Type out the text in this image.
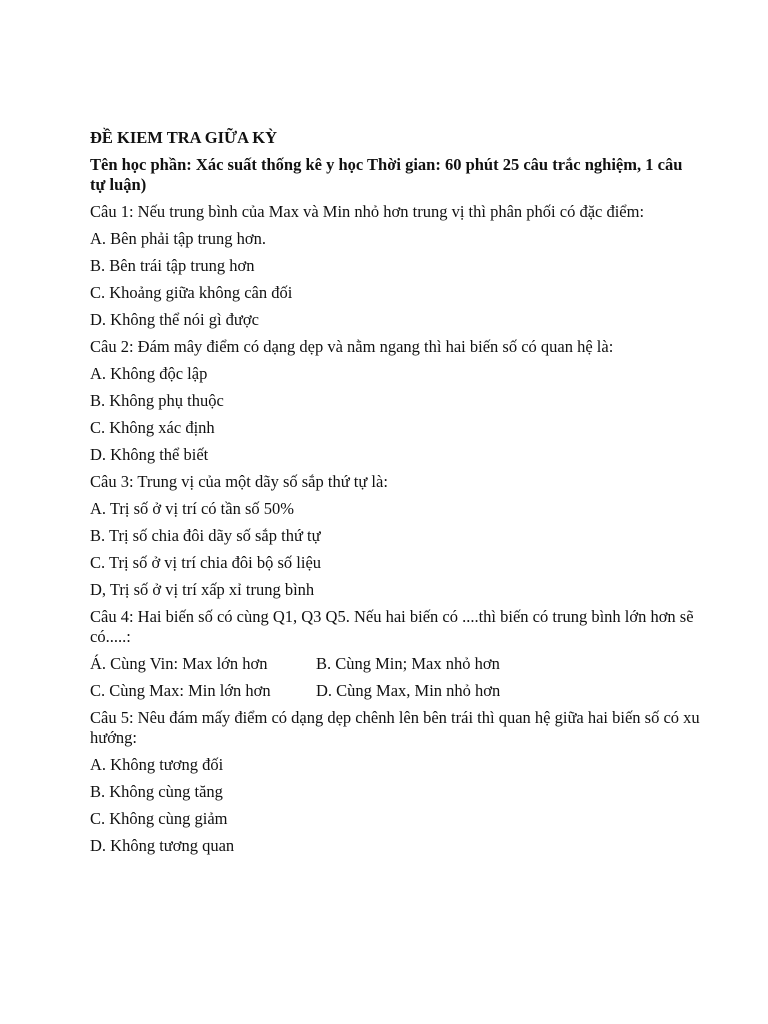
ĐỀ KIEM TRA GIỮA KỲ
Tên học phần: Xác suất thống kê y học Thời gian: 60 phút 25 câu trắc nghiệm, 1 câu tự luận)
Câu 1: Nếu trung bình của Max và Min nhỏ hơn trung vị thì phân phối có đặc điểm:
A. Bên phải tập trung hơn.
B. Bên trái tập trung hơn
C. Khoảng giữa không cân đối
D. Không thể nói gì được
Câu 2: Đám mây điểm có dạng dẹp và nằm ngang thì hai biến số có quan hệ là:
A. Không độc lập
B. Không phụ thuộc
C. Không xác định
D. Không thể biết
Câu 3: Trung vị của một dãy số sắp thứ tự là:
A. Trị số ở vị trí có tần số 50%
B. Trị số chia đôi dãy số sắp thứ tự
C. Trị số ở vị trí chia đôi bộ số liệu
D, Trị số ở vị trí xấp xỉ trung bình
Câu 4: Hai biến số có cùng Q1, Q3 Q5. Nếu hai biến có ....thì biến có trung bình lớn hơn sẽ có.....:
Á. Cùng Vin: Max lớn hơn	B. Cùng Min; Max nhỏ hơn
C. Cùng Max: Min lớn hơn	D. Cùng Max, Min nhỏ hơn
Câu 5: Nêu đám mấy điểm có dạng dẹp chênh lên bên trái thì quan hệ giữa hai biến số có xu hướng:
A. Không tương đối
B. Không cùng tăng
C. Không cùng giảm
D. Không tương quan
